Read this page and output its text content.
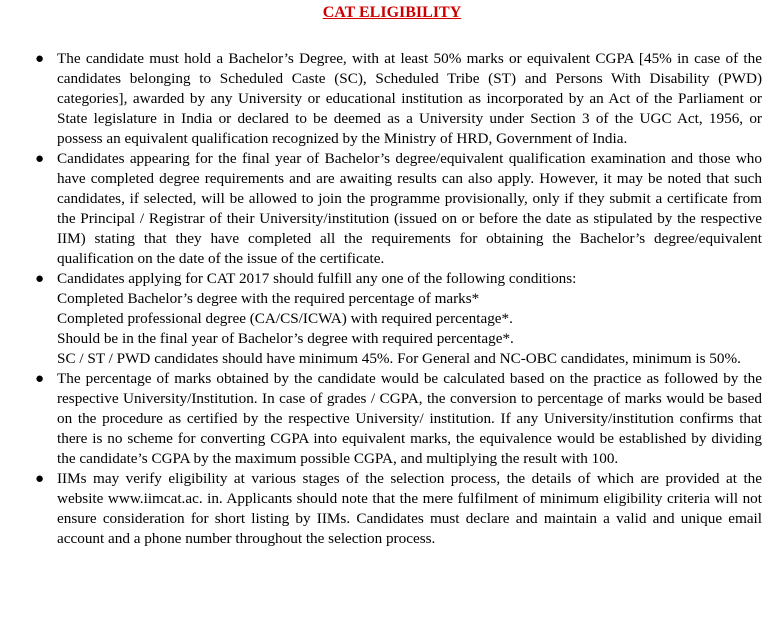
CAT ELIGIBILITY
● The candidate must hold a Bachelor’s Degree, with at least 50% marks or equivalent CGPA [45% in case of the candidates belonging to Scheduled Caste (SC), Scheduled Tribe (ST) and Persons With Disability (PWD) categories], awarded by any University or educational institution as incorporated by an Act of the Parliament or State legislature in India or declared to be deemed as a University under Section 3 of the UGC Act, 1956, or possess an equivalent qualification recognized by the Ministry of HRD, Government of India.
● Candidates appearing for the final year of Bachelor’s degree/equivalent qualification examination and those who have completed degree requirements and are awaiting results can also apply. However, it may be noted that such candidates, if selected, will be allowed to join the programme provisionally, only if they submit a certificate from the Principal / Registrar of their University/institution (issued on or before the date as stipulated by the respective IIM) stating that they have completed all the requirements for obtaining the Bachelor’s degree/equivalent qualification on the date of the issue of the certificate.
● Candidates applying for CAT 2017 should fulfill any one of the following conditions:
Completed Bachelor’s degree with the required percentage of marks*
Completed professional degree (CA/CS/ICWA) with required percentage*.
Should be in the final year of Bachelor’s degree with required percentage*.
SC / ST / PWD candidates should have minimum 45%. For General and NC-OBC candidates, minimum is 50%.
● The percentage of marks obtained by the candidate would be calculated based on the practice as followed by the respective University/Institution. In case of grades / CGPA, the conversion to percentage of marks would be based on the procedure as certified by the respective University/ institution. If any University/institution confirms that there is no scheme for converting CGPA into equivalent marks, the equivalence would be established by dividing the candidate’s CGPA by the maximum possible CGPA, and multiplying the result with 100.
● IIMs may verify eligibility at various stages of the selection process, the details of which are provided at the website www.iimcat.ac. in. Applicants should note that the mere fulfilment of minimum eligibility criteria will not ensure consideration for short listing by IIMs. Candidates must declare and maintain a valid and unique email account and a phone number throughout the selection process.
